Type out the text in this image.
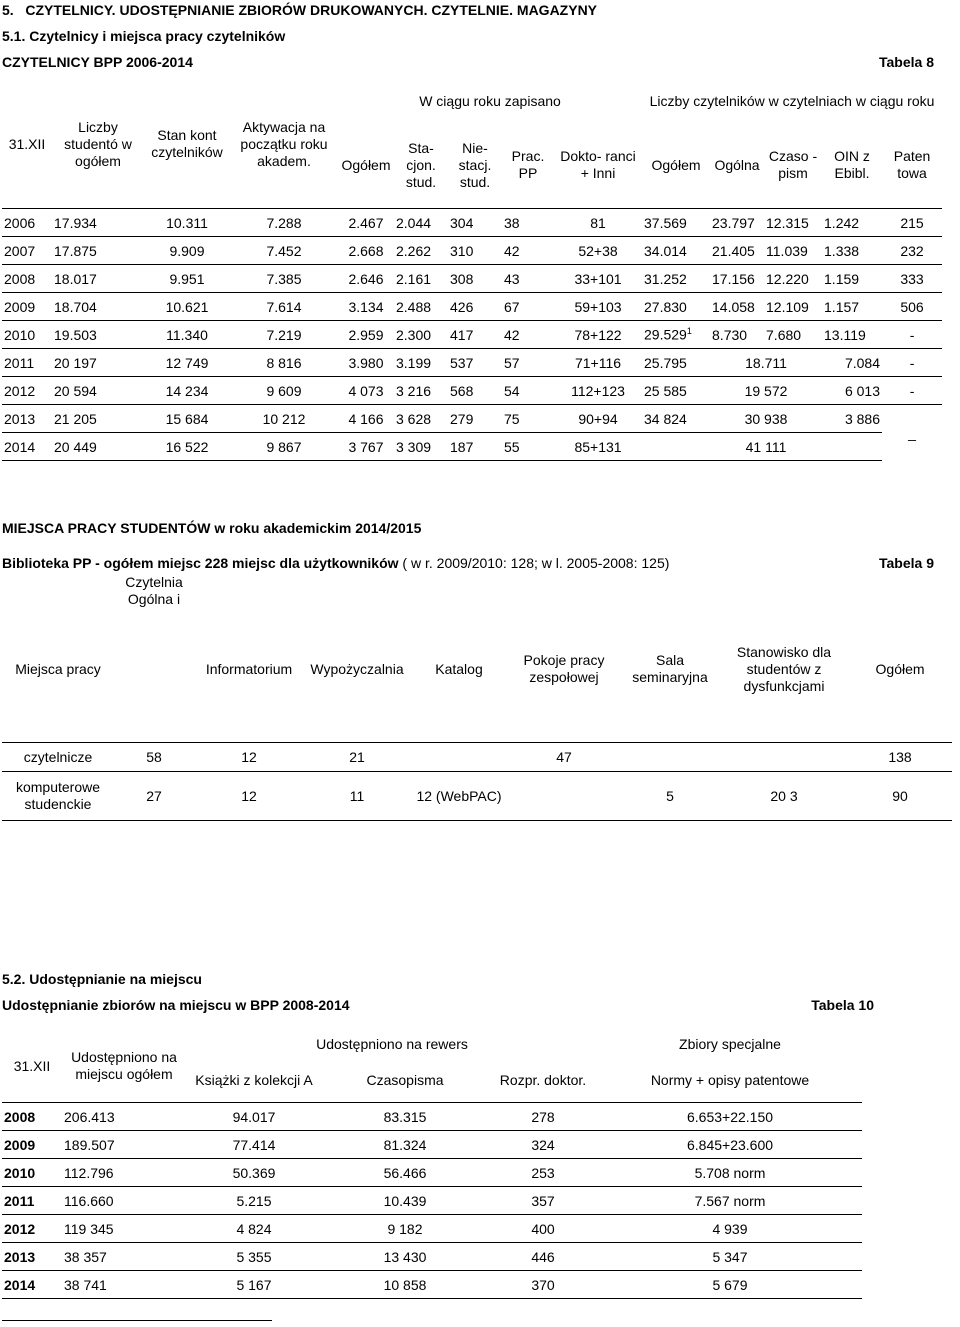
5.   CZYTELNICY. UDOSTĘPNIANIE ZBIORÓW DRUKOWANYCH. CZYTELNIE. MAGAZYNY
5.1. Czytelnicy i miejsca pracy czytelników
CZYTELNICY BPP 2006-2014	Tabela 8
31.XII	Liczby studentó w ogółem	Stan kont czytelników	Aktywacja na początku roku akadem.	W ciągu roku zapisano					Liczby czytelników w czytelniach w ciągu roku				
				Ogółem	Sta- cjon. stud.	Nie- stacj. stud.	Prac. PP	Dokto- ranci + Inni	Ogółem	Ogólna	Czaso -pism	OIN z Ebibl.	Paten towa
2006	17.934	10.311	7.288	2.467	2.044	304	38	81	37.569	23.797	12.315	1.242	215
2007	17.875	9.909	7.452	2.668	2.262	310	42	52+38	34.014	21.405	11.039	1.338	232
2008	18.017	9.951	7.385	2.646	2.161	308	43	33+101	31.252	17.156	12.220	1.159	333
2009	18.704	10.621	7.614	3.134	2.488	426	67	59+103	27.830	14.058	12.109	1.157	506
2010	19.503	11.340	7.219	2.959	2.300	417	42	78+122	29.529$^1$	8.730	7.680	13.119	-
2011	20 197	12 749	8 816	3.980	3.199	537	57	71+116	25.795	18.711		7.084	-
2012	20 594	14 234	9 609	4 073	3 216	568	54	112+123	25 585	19 572		6 013	-
2013	21 205	15 684	10 212	4 166	3 628	279	75	90+94	34 824	30 938		3 886	_
2014	20 449	16 522	9 867	3 767	3 309	187	55	85+131		41 111			
MIEJSCA PRACY STUDENTÓW w roku akademickim 2014/2015
Biblioteka PP - ogółem miejsc 228 miejsc dla użytkowników ( w r. 2009/2010: 128; w l. 2005-2008: 125)	Tabela 9
	Czytelnia Ogólna i							
Miejsca pracy		Informatorium	Wypożyczalnia	Katalog	Pokoje pracy zespołowej	Sala seminaryjna	Stanowisko dla studentów z dysfunkcjami	Ogółem

czytelnicze	58	12	21		47			138
komputerowe studenckie	27	12	11	12 (WebPAC)		5	20 3	90
5.2. Udostępnianie na miejscu
Udostępnianie zbiorów na miejscu w BPP 2008-2014	Tabela 10
31.XII	Udostępniono na miejscu ogółem	Udostępniono na rewers			Zbiory specjalne
		Książki z kolekcji A	Czasopisma	Rozpr. doktor.	Normy + opisy patentowe
2008	206.413	94.017	83.315	278	6.653+22.150
2009	189.507	77.414	81.324	324	6.845+23.600
2010	112.796	50.369	56.466	253	5.708 norm
2011	116.660	5.215	10.439	357	7.567 norm
2012	119 345	4 824	9 182	400	4 939
2013	38 357	5 355	13 430	446	5 347
2014	38 741	5 167	10 858	370	5 679
